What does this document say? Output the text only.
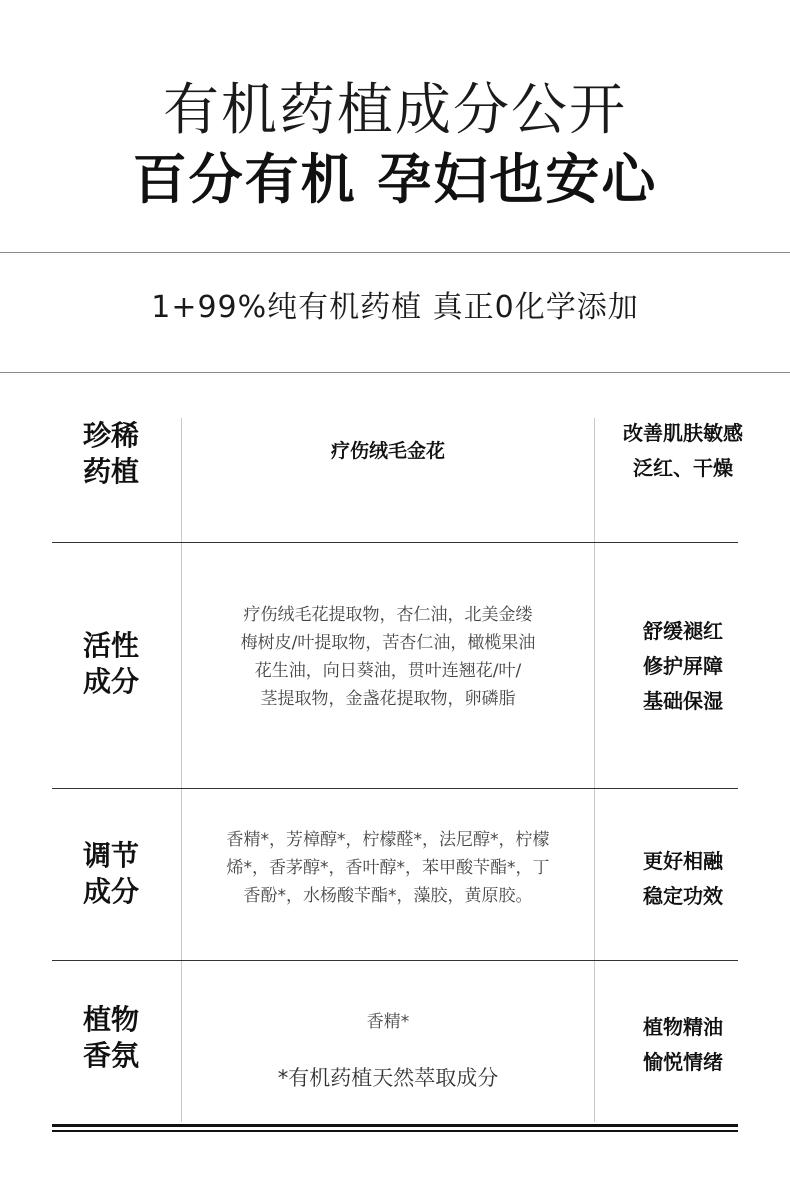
有机药植成分公开
百分有机 孕妇也安心
1+99%纯有机药植 真正0化学添加
珍稀
药植
疗伤绒毛金花
改善肌肤敏感
泛红、干燥
活性
成分
疗伤绒毛花提取物，杏仁油，北美金缕
梅树皮/叶提取物，苦杏仁油，橄榄果油
花生油，向日葵油，贯叶连翘花/叶/
茎提取物，金盏花提取物，卵磷脂
舒缓褪红
修护屏障
基础保湿
调节
成分
香精*，芳樟醇*，柠檬醛*，法尼醇*，柠檬
烯*，香茅醇*，香叶醇*，苯甲酸苄酯*，丁
香酚*，水杨酸苄酯*，藻胶，黄原胶。
更好相融
稳定功效
植物
香氛
香精*	植物精油
愉悦情绪
*有机药植天然萃取成分
